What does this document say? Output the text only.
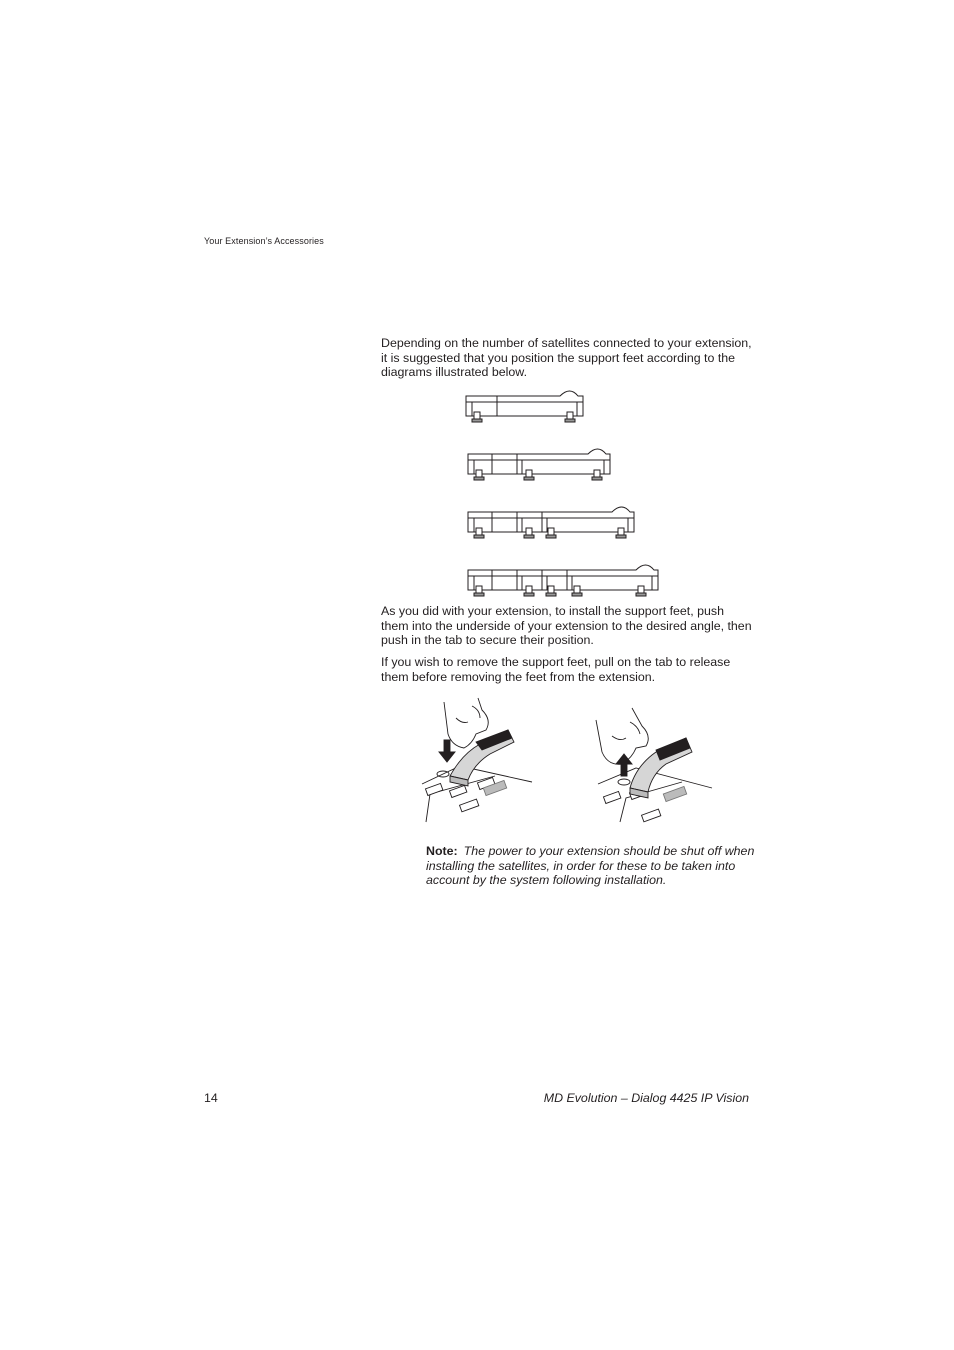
Your Extension’s Accessories

Depending on the number of satellites connected to your extension, it is suggested that you position the support feet according to the diagrams illustrated below.

As you did with your extension, to install the support feet, push them into the underside of your extension to the desired angle, then push in the tab to secure their position.

If you wish to remove the support feet, pull on the tab to release them before removing the feet from the extension.

Note: The power to your extension should be shut off when installing the satellites, in order for these to be taken into account by the system following installation.

14	MD Evolution – Dialog 4425 IP Vision
